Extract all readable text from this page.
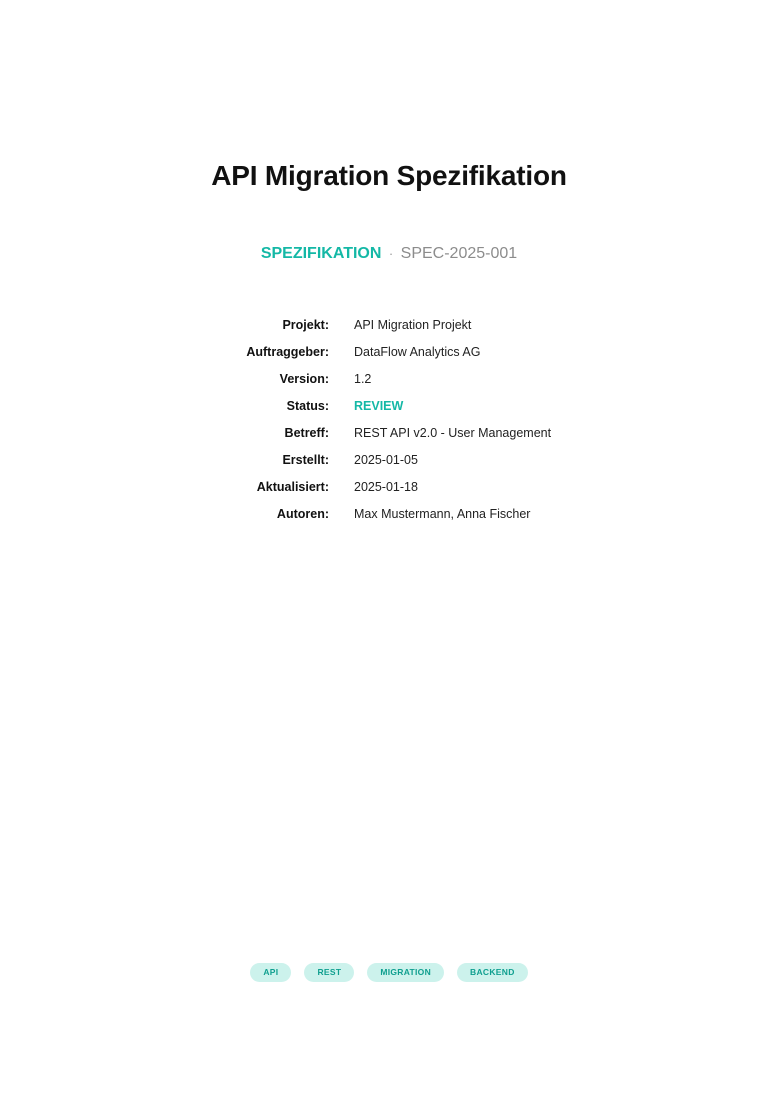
API Migration Spezifikation
SPEZIFIKATION · SPEC-2025-001
Projekt:	API Migration Projekt
Auftraggeber:	DataFlow Analytics AG
Version:	1.2
Status:	REVIEW
Betreff:	REST API v2.0 - User Management
Erstellt:	2025-01-05
Aktualisiert:	2025-01-18
Autoren:	Max Mustermann, Anna Fischer
API	REST	MIGRATION	BACKEND
